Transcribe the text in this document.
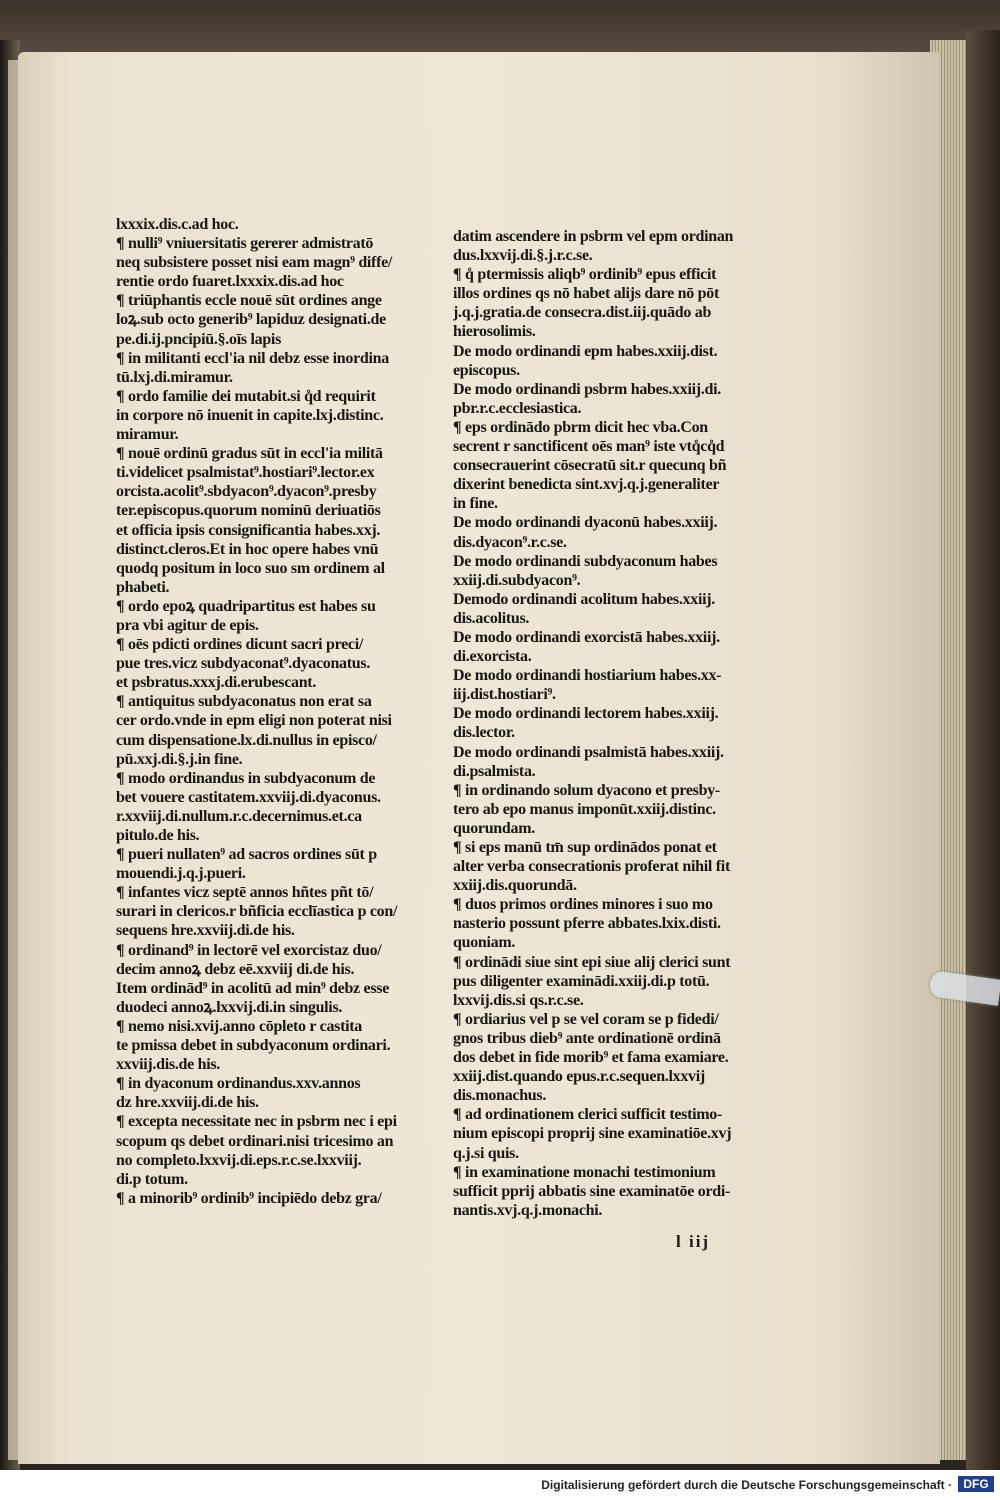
lxxxix.dis.c.ad hoc.
¶ nulli⁹ vniuersitatis gererer admistratō
neq subsistere posset nisi eam magn⁹ diffe/
rentie ordo fuaret.lxxxix.dis.ad hoc
¶ triūphantis eccle nouē sūt ordines ange
loꝝ.sub octo generib⁹ lapiduz designati.de
pe.di.ij.pncipiū.§.oīs lapis
¶ in militanti eccl'ia nil debz esse inordina
tū.lxj.di.miramur.
¶ ordo familie dei mutabit.si q̊d requirit
in corpore nō inuenit in capite.lxj.distinc.
miramur.
¶ nouē ordinū gradus sūt in eccl'ia militā
ti.videlicet psalmistat⁹.hostiari⁹.lector.ex
orcista.acolit⁹.sbdyacon⁹.dyacon⁹.presby
ter.episcopus.quorum nominū deriuatiōs
et officia ipsis consignificantia habes.xxj.
distinct.cleros.Et in hoc opere habes vnū
quodq positum in loco suo sm ordinem al
phabeti.
¶ ordo epoꝝ quadripartitus est habes su
pra vbi agitur de epis.
¶ oēs pdicti ordines dicunt sacri preci/
pue tres.vicz subdyaconat⁹.dyaconatus.
et psbratus.xxxj.di.erubescant.
¶ antiquitus subdyaconatus non erat sa
cer ordo.vnde in epm eligi non poterat nisi
cum dispensatione.lx.di.nullus in episco/
pū.xxj.di.§.j.in fine.
¶ modo ordinandus in subdyaconum de
bet vouere castitatem.xxviij.di.dyaconus.
r.xxviij.di.nullum.r.c.decernimus.et.ca
pitulo.de his.
¶ pueri nullaten⁹ ad sacros ordines sūt p
mouendi.j.q.j.pueri.
¶ infantes vicz septē annos hñtes pñt tō/
surari in clericos.r bñficia ecclīastica p con/
sequens hre.xxviij.di.de his.
¶ ordinand⁹ in lectorē vel exorcistaz duo/
decim annoꝝ debz eē.xxviij di.de his.
Item ordinād⁹ in acolitū ad min⁹ debz esse
duodeci annoꝝ.lxxvij.di.in singulis.
¶ nemo nisi.xvij.anno cōpleto r castita
te pmissa debet in subdyaconum ordinari.
xxviij.dis.de his.
¶ in dyaconum ordinandus.xxv.annos
dz hre.xxviij.di.de his.
¶ excepta necessitate nec in psbrm nec i epi
scopum qs debet ordinari.nisi tricesimo an
no completo.lxxvij.di.eps.r.c.se.lxxviij.
di.p totum.
¶ a minorib⁹ ordinib⁹ incipiēdo debz gra/
datim ascendere in psbrm vel epm ordinan
dus.lxxvij.di.§.j.r.c.se.
¶ q̊ ptermissis aliqb⁹ ordinib⁹ epus efficit
illos ordines qs nō habet alijs dare nō pōt
j.q.j.gratia.de consecra.dist.iij.quādo ab
hierosolimis.
De modo ordinandi epm habes.xxiij.dist.
episcopus.
De modo ordinandi psbrm habes.xxiij.di.
pbr.r.c.ecclesiastica.
¶ eps ordinādo pbrm dicit hec vba.Con
secrent r sanctificent oēs man⁹ iste vtq̊cq̊d
consecrauerint cōsecratū sit.r quecunq bñ
dixerint benedicta sint.xvj.q.j.generaliter
in fine.
De modo ordinandi dyaconū habes.xxiij.
dis.dyacon⁹.r.c.se.
De modo ordinandi subdyaconum habes
xxiij.di.subdyacon⁹.
Demodo ordinandi acolitum habes.xxiij.
dis.acolitus.
De modo ordinandi exorcistā habes.xxiij.
di.exorcista.
De modo ordinandi hostiarium habes.xx-
iij.dist.hostiari⁹.
De modo ordinandi lectorem habes.xxiij.
dis.lector.
De modo ordinandi psalmistā habes.xxiij.
di.psalmista.
¶ in ordinando solum dyacono et presby-
tero ab epo manus imponūt.xxiij.distinc.
quorundam.
¶ si eps manū tm̄ sup ordinādos ponat et
alter verba consecrationis proferat nihil fit
xxiij.dis.quorundā.
¶ duos primos ordines minores i suo mo
nasterio possunt pferre abbates.lxix.disti.
quoniam.
¶ ordinādi siue sint epi siue alij clerici sunt
pus diligenter examinādi.xxiij.di.p totū.
lxxvij.dis.si qs.r.c.se.
¶ ordiarius vel p se vel coram se p fidedi/
gnos tribus dieb⁹ ante ordinationē ordinā
dos debet in fide morib⁹ et fama examiare.
xxiij.dist.quando epus.r.c.sequen.lxxvij
dis.monachus.
¶ ad ordinationem clerici sufficit testimo-
nium episcopi proprij sine examinatiōe.xvj
q.j.si quis.
¶ in examinatione monachi testimonium
sufficit pprij abbatis sine examinatōe ordi-
nantis.xvj.q.j.monachi.
l iij
Digitalisierung gefördert durch die Deutsche Forschungsgemeinschaft · DFG
